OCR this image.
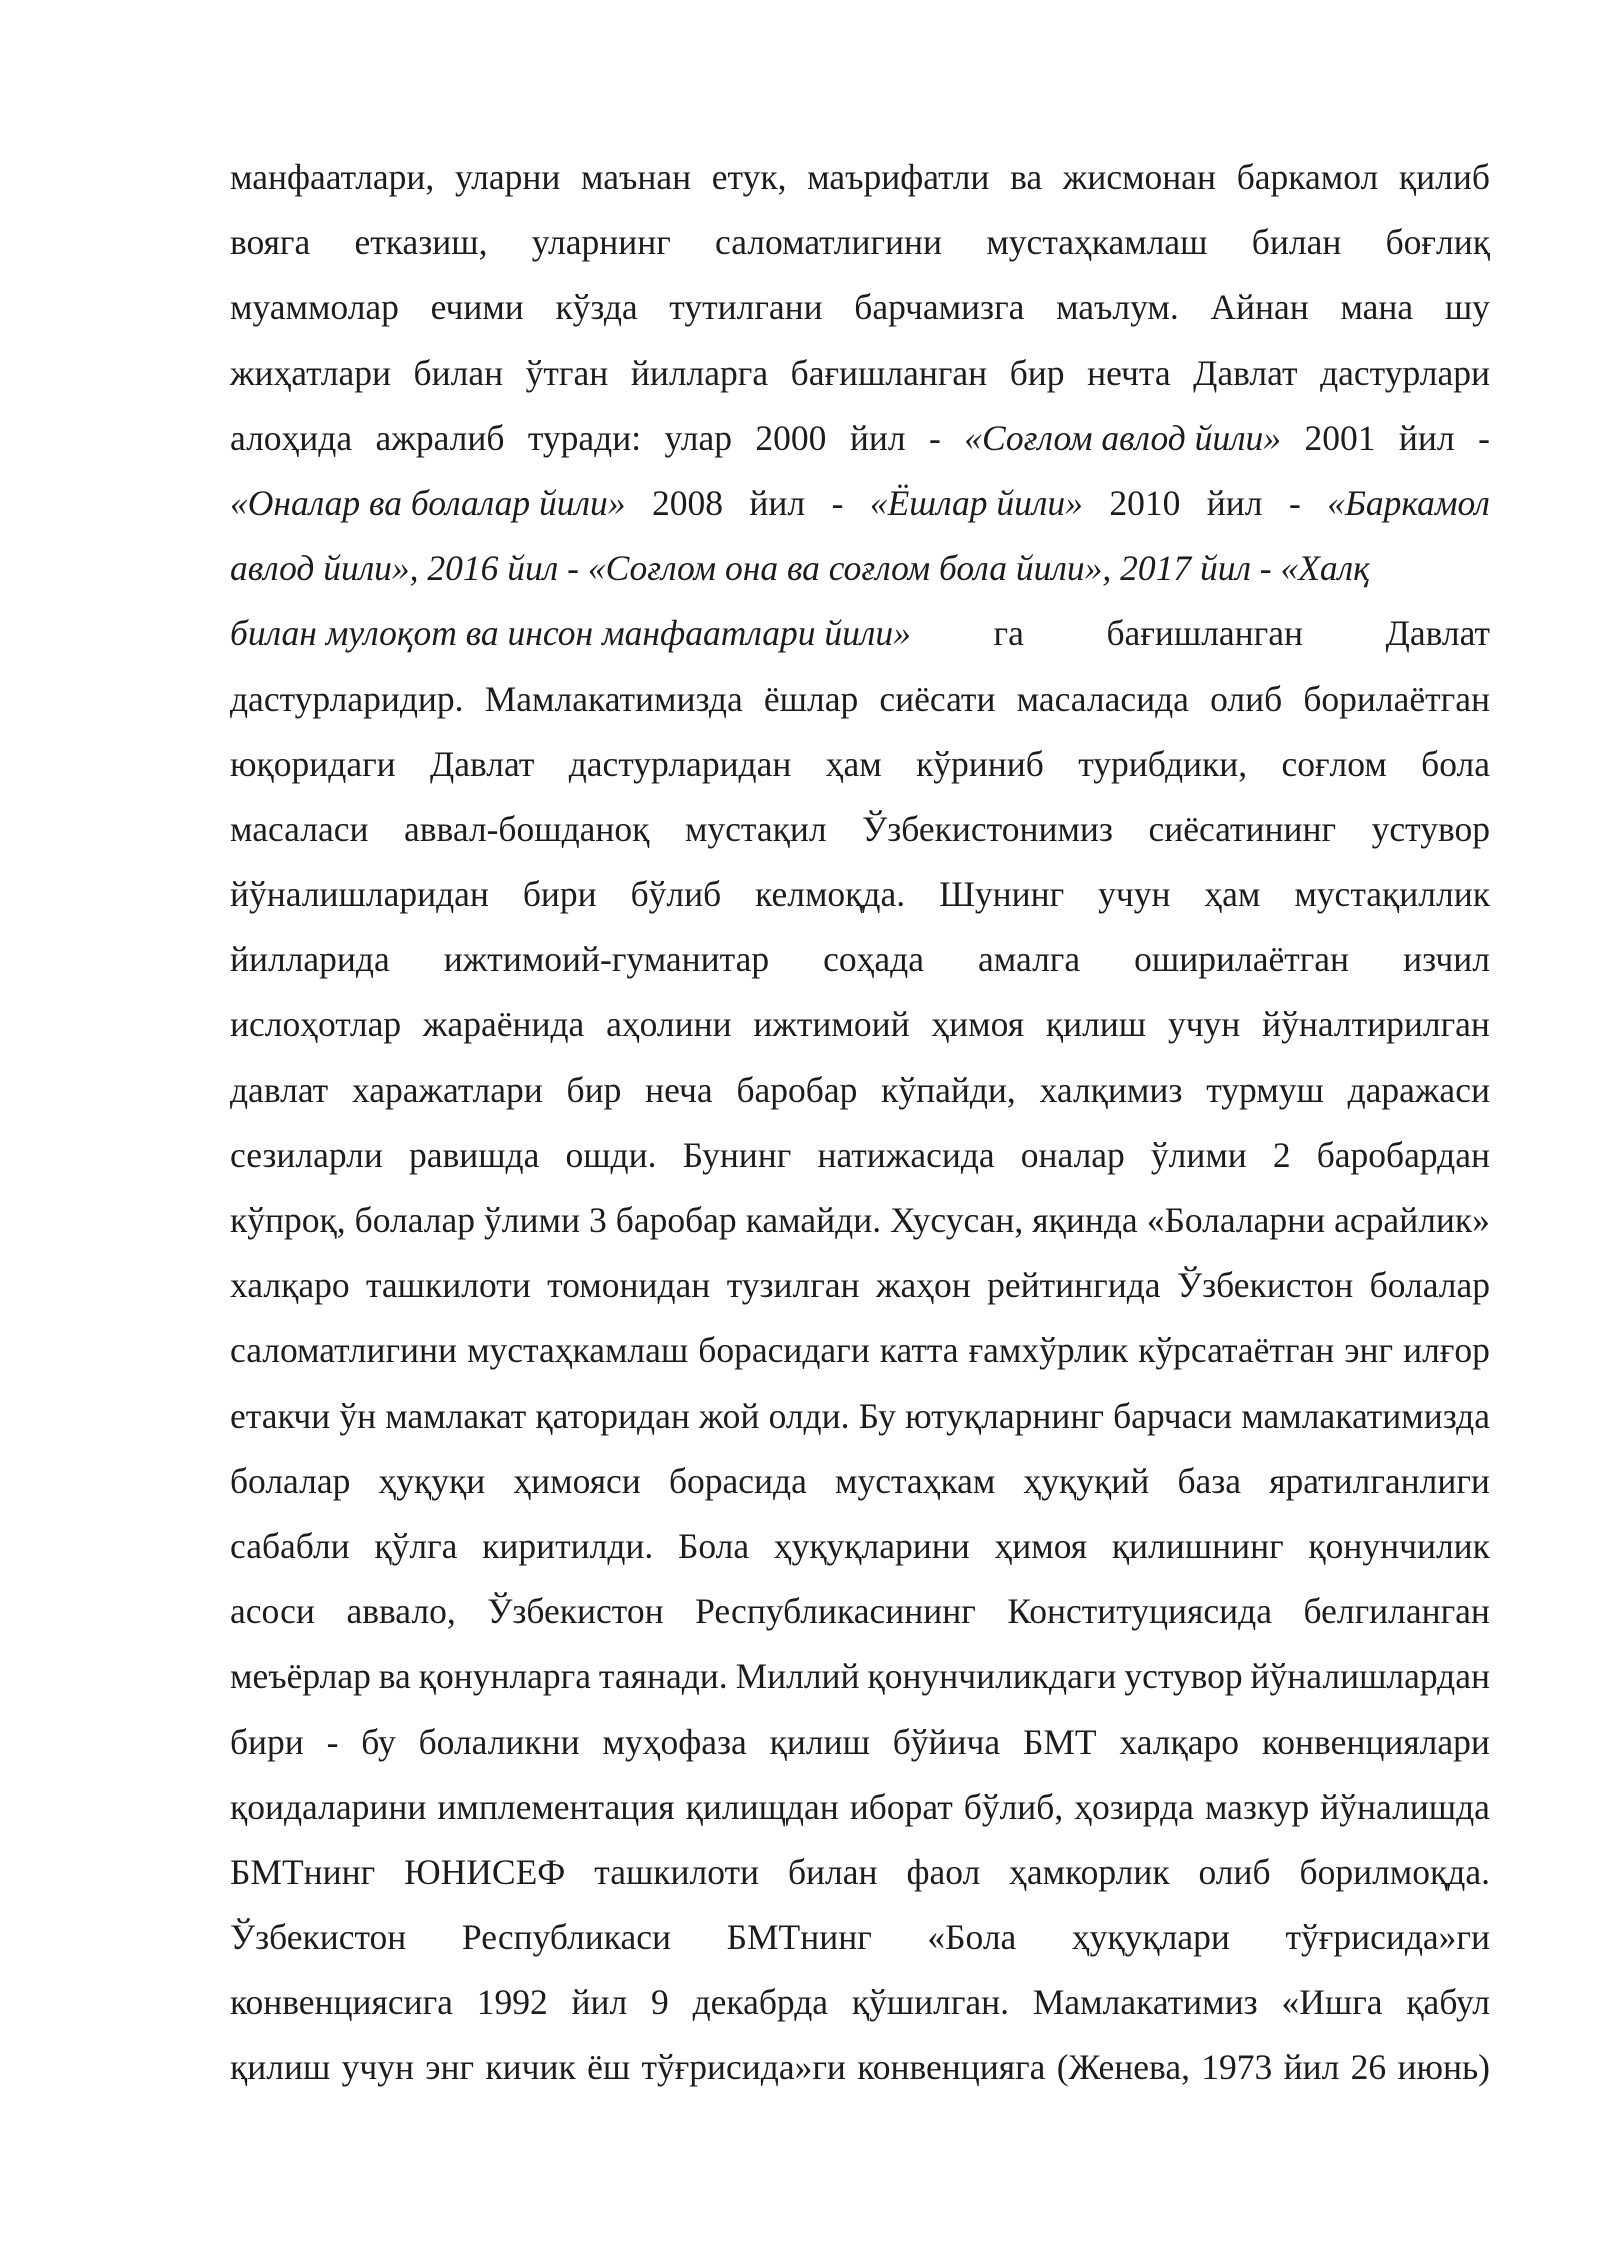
манфаатлари, уларни маънан етук, маърифатли ва жисмонан баркамол қилиб
вояга етказиш, уларнинг саломатлигини мустаҳкамлаш билан боғлиқ
муаммолар ечими кўзда тутилгани барчамизга маълум. Айнан мана шу
жиҳатлари билан ўтган йилларга бағишланган бир нечта Давлат дастурлари
алоҳида ажралиб туради: улар 2000 йил - «Соғлом авлод йили» 2001 йил -
«Оналар ва болалар йили» 2008 йил - «Ёшлар йили» 2010 йил - «Баркамол
авлод йили», 2016 йил - «Соғлом она ва соғлом бола йили», 2017 йил - «Халқ
билан мулоқот ва инсон манфаатлари йили» га бағишланган Давлат
дастурларидир. Мамлакатимизда ёшлар сиёсати масаласида олиб борилаётган
юқоридаги Давлат дастурларидан ҳам кўриниб турибдики, соғлом бола
масаласи аввал-бошданоқ мустақил Ўзбекистонимиз сиёсатининг устувор
йўналишларидан бири бўлиб келмоқда. Шунинг учун ҳам мустақиллик
йилларида ижтимоий-гуманитар соҳада амалга оширилаётган изчил
ислоҳотлар жараёнида аҳолини ижтимоий ҳимоя қилиш учун йўналтирилган
давлат харажатлари бир неча баробар кўпайди, халқимиз турмуш даражаси
сезиларли равишда ошди. Бунинг натижасида оналар ўлими 2 баробардан
кўпроқ, болалар ўлими 3 баробар камайди. Хусусан, яқинда «Болаларни асрайлик»
халқаро ташкилоти томонидан тузилган жаҳон рейтингида Ўзбекистон болалар
саломатлигини мустаҳкамлаш борасидаги катта ғамхўрлик кўрсатаётган энг илғор
етакчи ўн мамлакат қаторидан жой олди. Бу ютуқларнинг барчаси мамлакатимизда
болалар ҳуқуқи ҳимояси борасида мустаҳкам ҳуқуқий база яратилганлиги
сабабли қўлга киритилди. Бола ҳуқуқларини ҳимоя қилишнинг қонунчилик
асоси аввало, Ўзбекистон Республикасининг Конституциясида белгиланган
меъёрлар ва қонунларга таянади. Миллий қонунчиликдаги устувор йўналишлардан
бири - бу болаликни муҳофаза қилиш бўйича БМТ халқаро конвенциялари
қоидаларини имплементация қилищдан иборат бўлиб, ҳозирда мазкур йўналишда
БМТнинг ЮНИСЕФ ташкилоти билан фаол ҳамкорлик олиб борилмоқда.
Ўзбекистон Республикаси БМТнинг «Бола ҳуқуқлари тўғрисида»ги
конвенциясига 1992 йил 9 декабрда қўшилган. Мамлакатимиз «Ишга қабул
қилиш учун энг кичик ёш тўғрисида»ги конвенцияга (Женева, 1973 йил 26 июнь)
